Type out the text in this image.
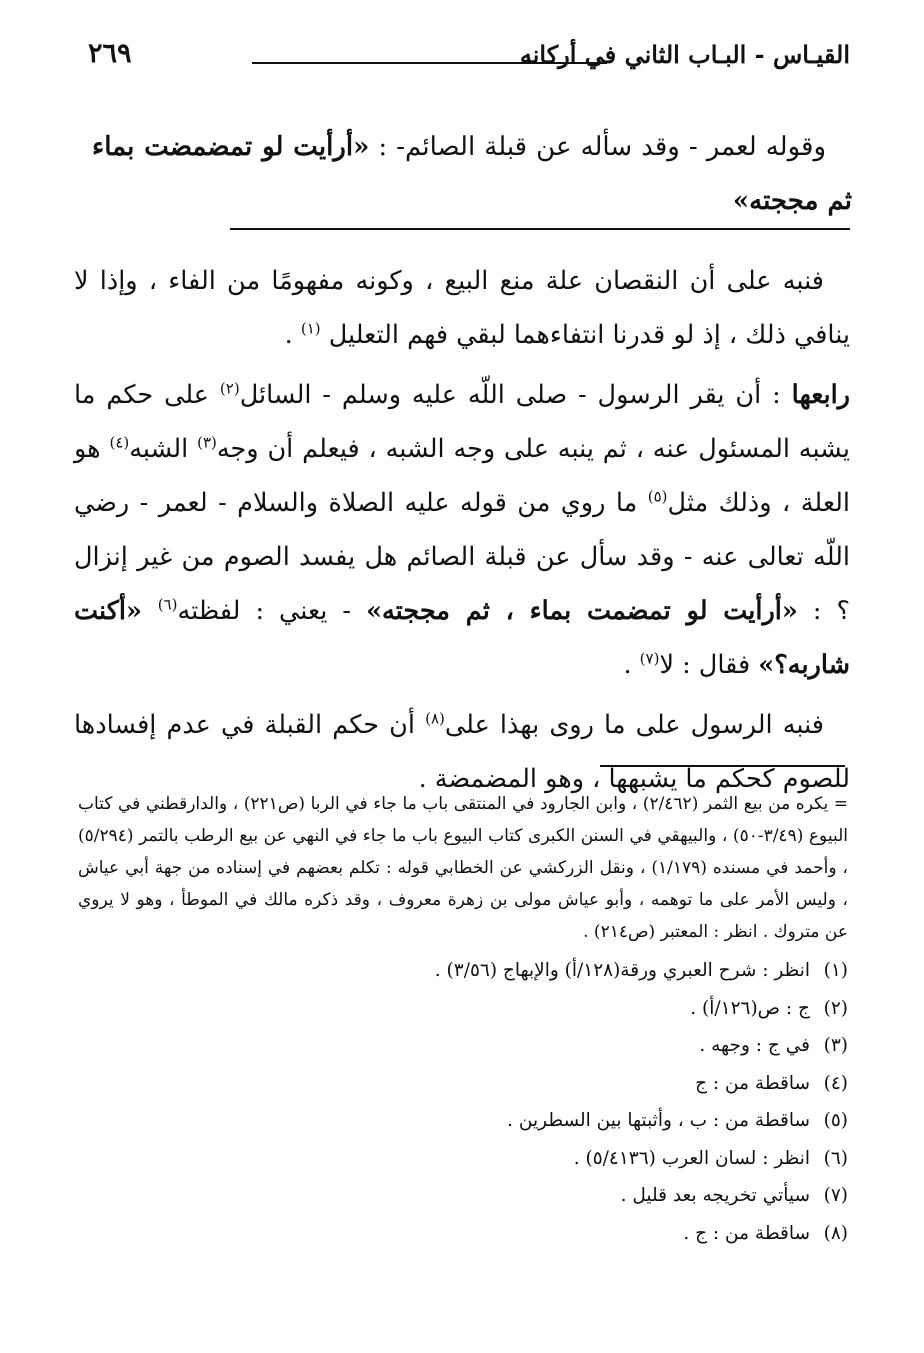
القيـاس - البـاب الثاني في أركانه
٢٦٩
وقوله لعمر - وقد سأله عن قبلة الصائم- : «أرأيت لو تمضمضت بماء ثم مججته»

فنبه على أن النقصان علة منع البيع ، وكونه مفهومًا من الفاء ، وإذا لا ينافي ذلك ، إذ لو قدرنا انتفاءهما لبقي فهم التعليل $^{(١)}$ .

رابعها : أن يقر الرسول - صلى اللّه عليه وسلم - السائل$^{(٢)}$ على حكم ما يشبه المسئول عنه ، ثم ينبه على وجه الشبه ، فيعلم أن وجه$^{(٣)}$ الشبه$^{(٤)}$ هو العلة ، وذلك مثل$^{(٥)}$ ما روي من قوله عليه الصلاة والسلام - لعمر - رضي اللّه تعالى عنه - وقد سأل عن قبلة الصائم هل يفسد الصوم من غير إنزال ؟ : «أرأيت لو تمضمت بماء ، ثم مججته» - يعني : لفظته$^{(٦)}$ «أكنت شاربه؟» فقال : لا$^{(٧)}$ .

فنبه الرسول على ما روى بهذا على$^{(٨)}$ أن حكم القبلة في عدم إفسادها للصوم كحكم ما يشبهها ، وهو المضمضة .

= يكره من بيع الثمر (٢/٤٦٢) ، وابن الجارود في المنتقى باب ما جاء في الربا (ص٢٢١) ، والدارقطني في كتاب البيوع (٣/٤٩-٥٠) ، والبيهقي في السنن الكبرى كتاب البيوع باب ما جاء في النهي عن بيع الرطب بالتمر (٥/٢٩٤) ، وأحمد في مسنده (١/١٧٩) ، ونقل الزركشي عن الخطابي قوله : تكلم بعضهم في إسناده من جهة أبي عياش ، وليس الأمر على ما توهمه ، وأبو عياش مولى بن زهرة معروف ، وقد ذكره مالك في الموطأ ، وهو لا يروي عن متروك . انظر : المعتبر (ص٢١٤) .

(١)انظر : شرح العبري ورقة(١٢٨/أ) والإبهاج (٣/٥٦) .
(٢)ج : ص(١٢٦/أ) .
(٣)في ج : وجهه .
(٤)ساقطة من : ج
(٥)ساقطة من : ب ، وأثبتها بين السطرين .
(٦)انظر : لسان العرب (٥/٤١٣٦) .
(٧)سيأتي تخريجه بعد قليل .
(٨)ساقطة من : ج .
